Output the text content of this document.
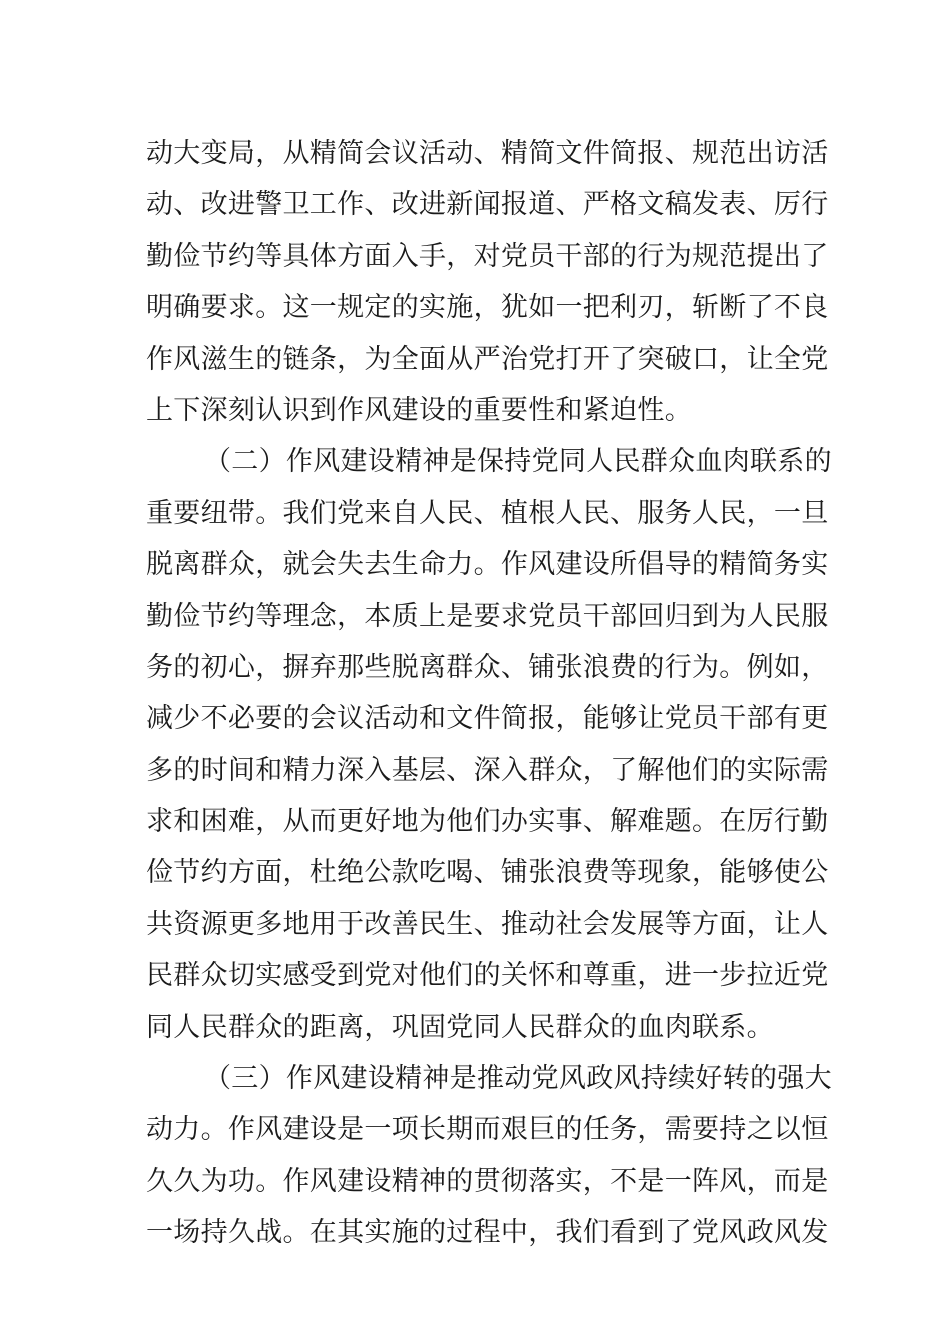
动大变局，从精简会议活动、精简文件简报、规范出访活
动、改进警卫工作、改进新闻报道、严格文稿发表、厉行
勤俭节约等具体方面入手，对党员干部的行为规范提出了
明确要求。这一规定的实施，犹如一把利刃，斩断了不良
作风滋生的链条，为全面从严治党打开了突破口，让全党
上下深刻认识到作风建设的重要性和紧迫性。
（二）作风建设精神是保持党同人民群众血肉联系的
重要纽带。我们党来自人民、植根人民、服务人民，一旦
脱离群众，就会失去生命力。作风建设所倡导的精简务实
勤俭节约等理念，本质上是要求党员干部回归到为人民服
务的初心，摒弃那些脱离群众、铺张浪费的行为。例如，
减少不必要的会议活动和文件简报，能够让党员干部有更
多的时间和精力深入基层、深入群众，了解他们的实际需
求和困难，从而更好地为他们办实事、解难题。在厉行勤
俭节约方面，杜绝公款吃喝、铺张浪费等现象，能够使公
共资源更多地用于改善民生、推动社会发展等方面，让人
民群众切实感受到党对他们的关怀和尊重，进一步拉近党
同人民群众的距离，巩固党同人民群众的血肉联系。
（三）作风建设精神是推动党风政风持续好转的强大
动力。作风建设是一项长期而艰巨的任务，需要持之以恒
久久为功。作风建设精神的贯彻落实，不是一阵风，而是
一场持久战。在其实施的过程中，我们看到了党风政风发
